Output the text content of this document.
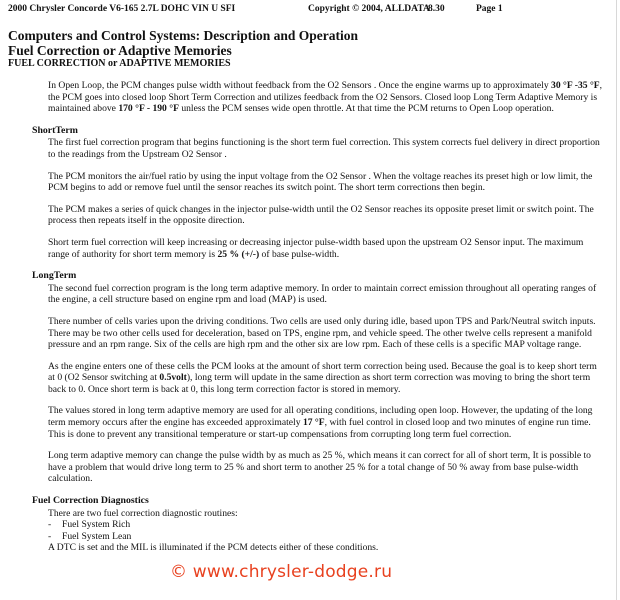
2000 Chrysler Concorde V6-165 2.7L DOHC VIN U SFI	Copyright © 2004, ALLDATA8.30	Page 1
Computers and Control Systems: Description and Operation
Fuel Correction or Adaptive Memories
FUEL CORRECTION or ADAPTIVE MEMORIES

In Open Loop, the PCM changes pulse width without feedback from the O2 Sensors . Once the engine warms up to approximately 30 °F -35 °F, the PCM goes into closed loop Short Term Correction and utilizes feedback from the O2 Sensors. Closed loop Long Term Adaptive Memory is maintained above 170 °F - 190 °F unless the PCM senses wide open throttle. At that time the PCM returns to Open Loop operation.

ShortTerm

The first fuel correction program that begins functioning is the short term fuel correction. This system corrects fuel delivery in direct proportion to the readings from the Upstream O2 Sensor .

The PCM monitors the air/fuel ratio by using the input voltage from the O2 Sensor . When the voltage reaches its preset high or low limit, the PCM begins to add or remove fuel until the sensor reaches its switch point. The short term corrections then begin.

The PCM makes a series of quick changes in the injector pulse-width until the O2 Sensor reaches its opposite preset limit or switch point. The process then repeats itself in the opposite direction.

Short term fuel correction will keep increasing or decreasing injector pulse-width based upon the upstream O2 Sensor input. The maximum range of authority for short term memory is 25 % (+/-) of base pulse-width.

LongTerm

The second fuel correction program is the long term adaptive memory. In order to maintain correct emission throughout all operating ranges of the engine, a cell structure based on engine rpm and load (MAP) is used.

There number of cells varies upon the driving conditions. Two cells are used only during idle, based upon TPS and Park/Neutral switch inputs. There may be two other cells used for deceleration, based on TPS, engine rpm, and vehicle speed. The other twelve cells represent a manifold pressure and an rpm range. Six of the cells are high rpm and the other six are low rpm. Each of these cells is a specific MAP voltage range.

As the engine enters one of these cells the PCM looks at the amount of short term correction being used. Because the goal is to keep short term at 0 (O2 Sensor switching at 0.5volt), long term will update in the same direction as short term correction was moving to bring the short term back to 0. Once short term is back at 0, this long term correction factor is stored in memory.

The values stored in long term adaptive memory are used for all operating conditions, including open loop. However, the updating of the long term memory occurs after the engine has exceeded approximately 17 °F, with fuel control in closed loop and two minutes of engine run time. This is done to prevent any transitional temperature or start-up compensations from corrupting long term fuel correction.

Long term adaptive memory can change the pulse width by as much as 25 %, which means it can correct for all of short term, It is possible to have a problem that would drive long term to 25 % and short term to another 25 % for a total change of 50 % away from base pulse-width calculation.

Fuel Correction Diagnostics

There are two fuel correction diagnostic routines:

- Fuel System Rich

- Fuel System Lean

A DTC is set and the MIL is illuminated if the PCM detects either of these conditions.

© www.chrysler-dodge.ru
